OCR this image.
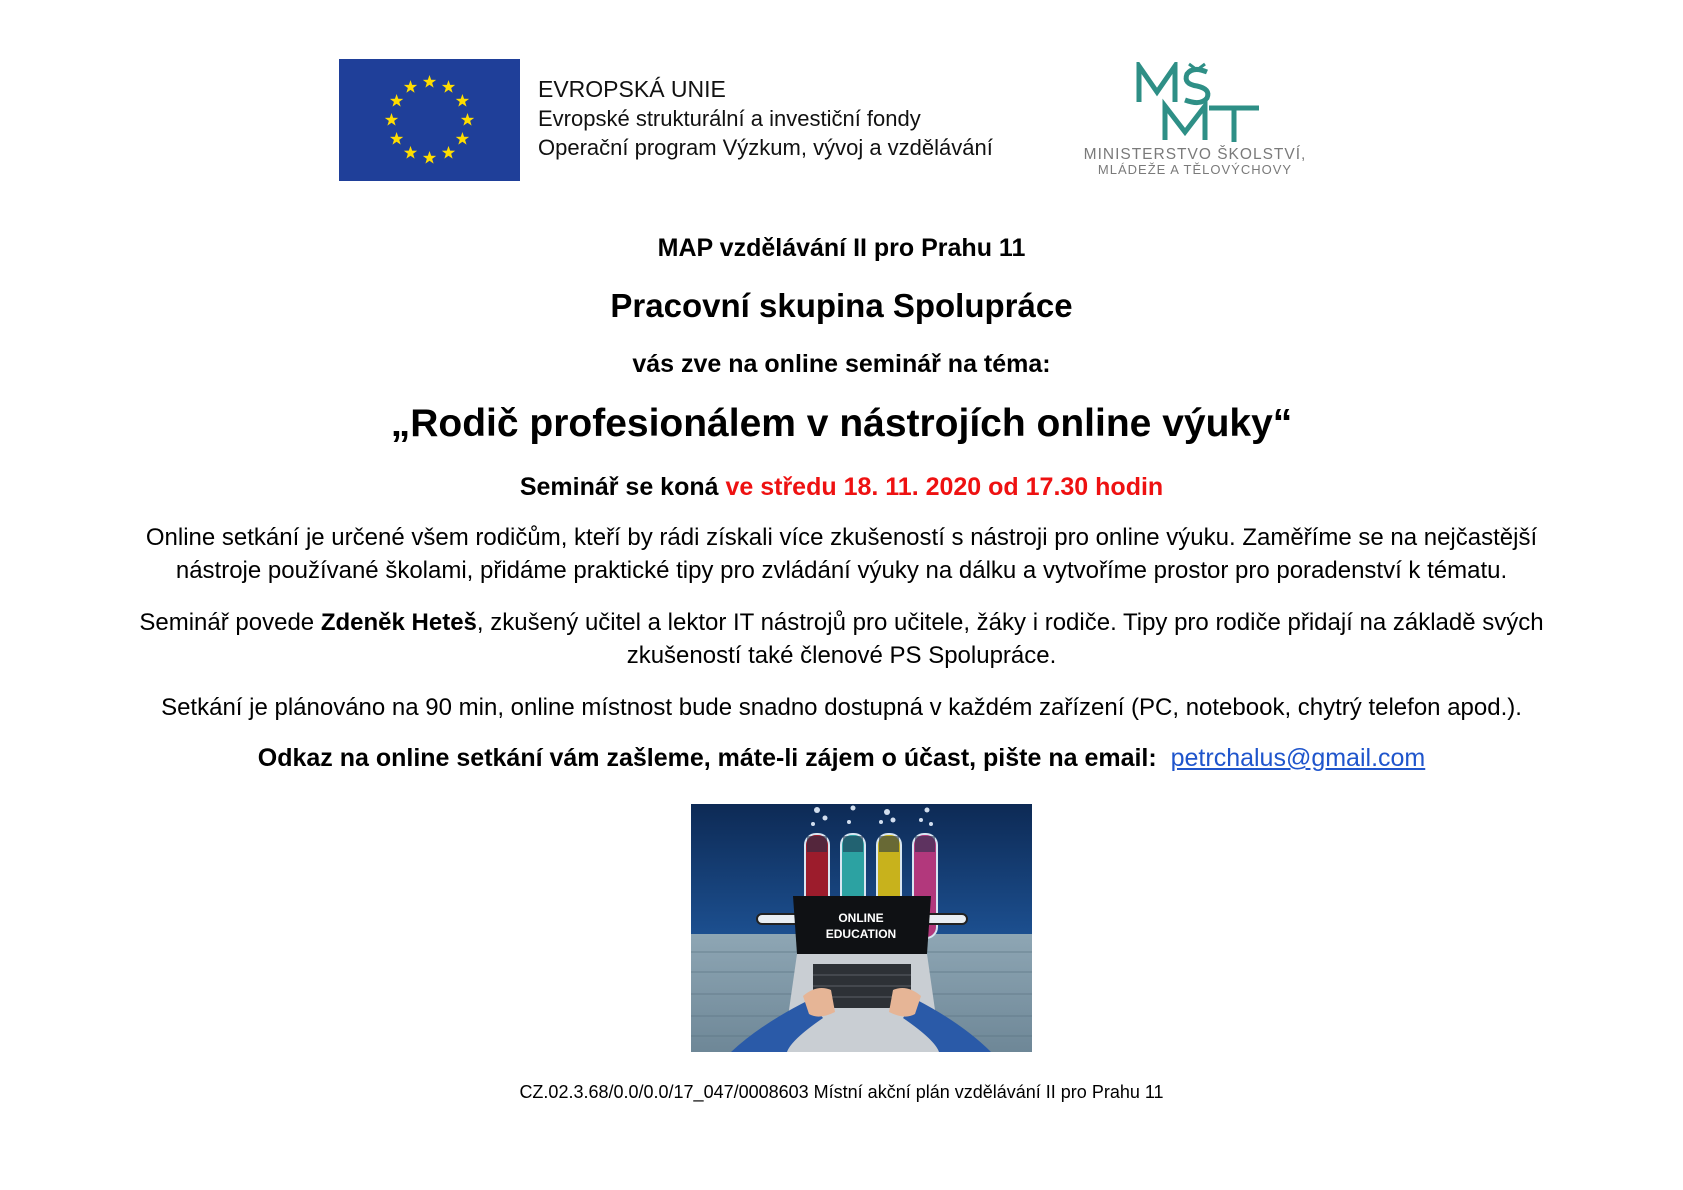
EVROPSKÁ UNIE
Evropské strukturální a investiční fondy
Operační program Výzkum, vývoj a vzdělávání	MINISTERSTVO ŠKOLSTVÍ,
MLÁDEŽE A TĚLOVÝCHOVY
MAP vzdělávání II pro Prahu 11
Pracovní skupina Spolupráce
vás zve na online seminář na téma:
„Rodič profesionálem v nástrojích online výuky“
Seminář se koná ve středu 18. 11. 2020 od 17.30 hodin
Online setkání je určené všem rodičům, kteří by rádi získali více zkušeností s nástroji pro online výuku. Zaměříme se na nejčastější
nástroje používané školami, přidáme praktické tipy pro zvládání výuky na dálku a vytvoříme prostor pro poradenství k tématu.
Seminář povede Zdeněk Heteš, zkušený učitel a lektor IT nástrojů pro učitele, žáky i rodiče. Tipy pro rodiče přidají na základě svých
zkušeností také členové PS Spolupráce.
Setkání je plánováno na 90 min, online místnost bude snadno dostupná v každém zařízení (PC, notebook, chytrý telefon apod.).
Odkaz na online setkání vám zašleme, máte-li zájem o účast, pište na email: petrchalus@gmail.com
ONLINE
EDUCATION
CZ.02.3.68/0.0/0.0/17_047/0008603 Místní akční plán vzdělávání II pro Prahu 11
